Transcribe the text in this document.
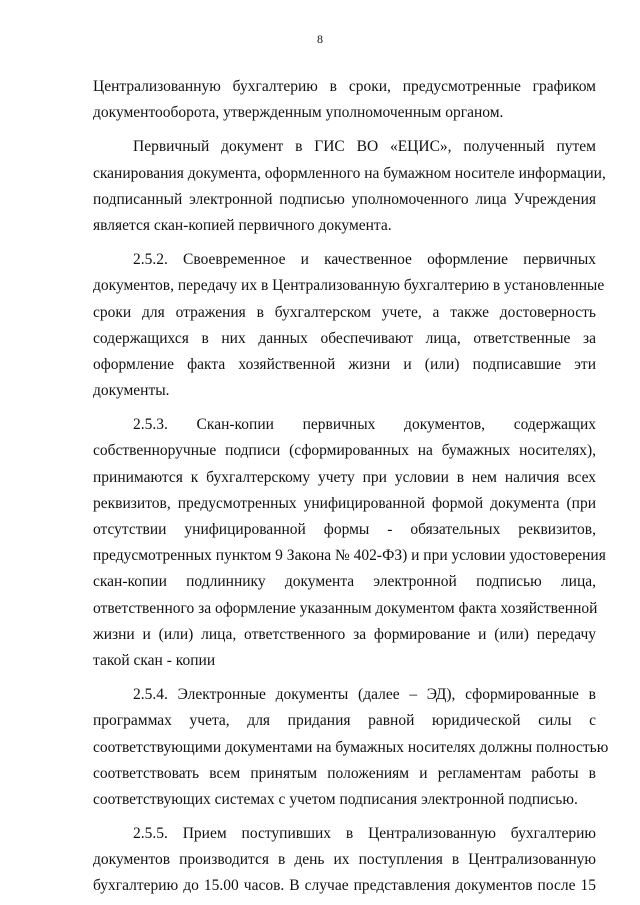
8
Централизованную бухгалтерию в сроки, предусмотренные графиком
документооборота, утвержденным уполномоченным органом.
Первичный документ в ГИС ВО «ЕЦИС», полученный путем
сканирования документа, оформленного на бумажном носителе информации,
подписанный электронной подписью уполномоченного лица Учреждения
является скан-копией первичного документа.
2.5.2. Своевременное и качественное оформление первичных
документов, передачу их в Централизованную бухгалтерию в установленные
сроки для отражения в бухгалтерском учете, а также достоверность
содержащихся в них данных обеспечивают лица, ответственные за
оформление факта хозяйственной жизни и (или) подписавшие эти
документы.
2.5.3. Скан-копии первичных документов, содержащих
собственноручные подписи (сформированных на бумажных носителях),
принимаются к бухгалтерскому учету при условии в нем наличия всех
реквизитов, предусмотренных унифицированной формой документа (при
отсутствии унифицированной формы - обязательных реквизитов,
предусмотренных пунктом 9 Закона № 402-ФЗ) и при условии удостоверения
скан-копии подлиннику документа электронной подписью лица,
ответственного за оформление указанным документом факта хозяйственной
жизни и (или) лица, ответственного за формирование и (или) передачу
такой скан - копии
2.5.4. Электронные документы (далее – ЭД), сформированные в
программах учета, для придания равной юридической силы с
соответствующими документами на бумажных носителях должны полностью
соответствовать всем принятым положениям и регламентам работы в
соответствующих системах с учетом подписания электронной подписью.
2.5.5. Прием поступивших в Централизованную бухгалтерию
документов производится в день их поступления в Централизованную
бухгалтерию до 15.00 часов. В случае представления документов после 15
